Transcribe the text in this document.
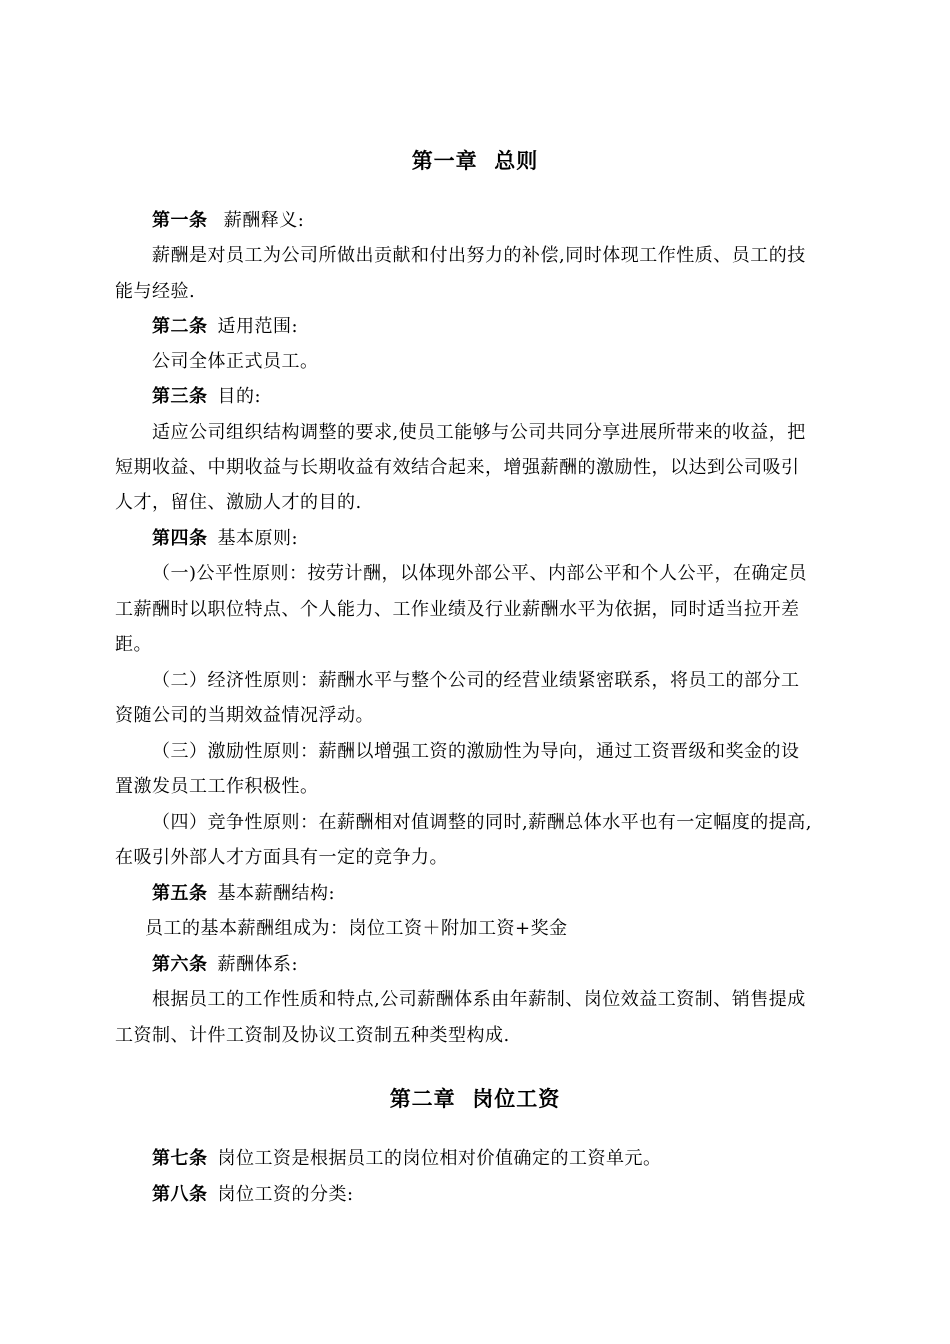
第一章  总则
第一条 薪酬释义:
薪酬是对员工为公司所做出贡献和付出努力的补偿,同时体现工作性质、员工的技
能与经验.
第二条 适用范围:
公司全体正式员工。
第三条 目的:
适应公司组织结构调整的要求,使员工能够与公司共同分享进展所带来的收益，把
短期收益、中期收益与长期收益有效结合起来，增强薪酬的激励性，以达到公司吸引
人才，留住、激励人才的目的.
第四条 基本原则:
（一)公平性原则：按劳计酬，以体现外部公平、内部公平和个人公平，在确定员
工薪酬时以职位特点、个人能力、工作业绩及行业薪酬水平为依据，同时适当拉开差
距。
（二）经济性原则：薪酬水平与整个公司的经营业绩紧密联系，将员工的部分工
资随公司的当期效益情况浮动。
（三）激励性原则：薪酬以增强工资的激励性为导向，通过工资晋级和奖金的设
置激发员工工作积极性。
（四）竞争性原则：在薪酬相对值调整的同时,薪酬总体水平也有一定幅度的提高,
在吸引外部人才方面具有一定的竞争力。
第五条 基本薪酬结构:
员工的基本薪酬组成为：岗位工资＋附加工资+奖金
第六条 薪酬体系:
根据员工的工作性质和特点,公司薪酬体系由年薪制、岗位效益工资制、销售提成
工资制、计件工资制及协议工资制五种类型构成.
第二章  岗位工资
第七条 岗位工资是根据员工的岗位相对价值确定的工资单元。
第八条 岗位工资的分类:
